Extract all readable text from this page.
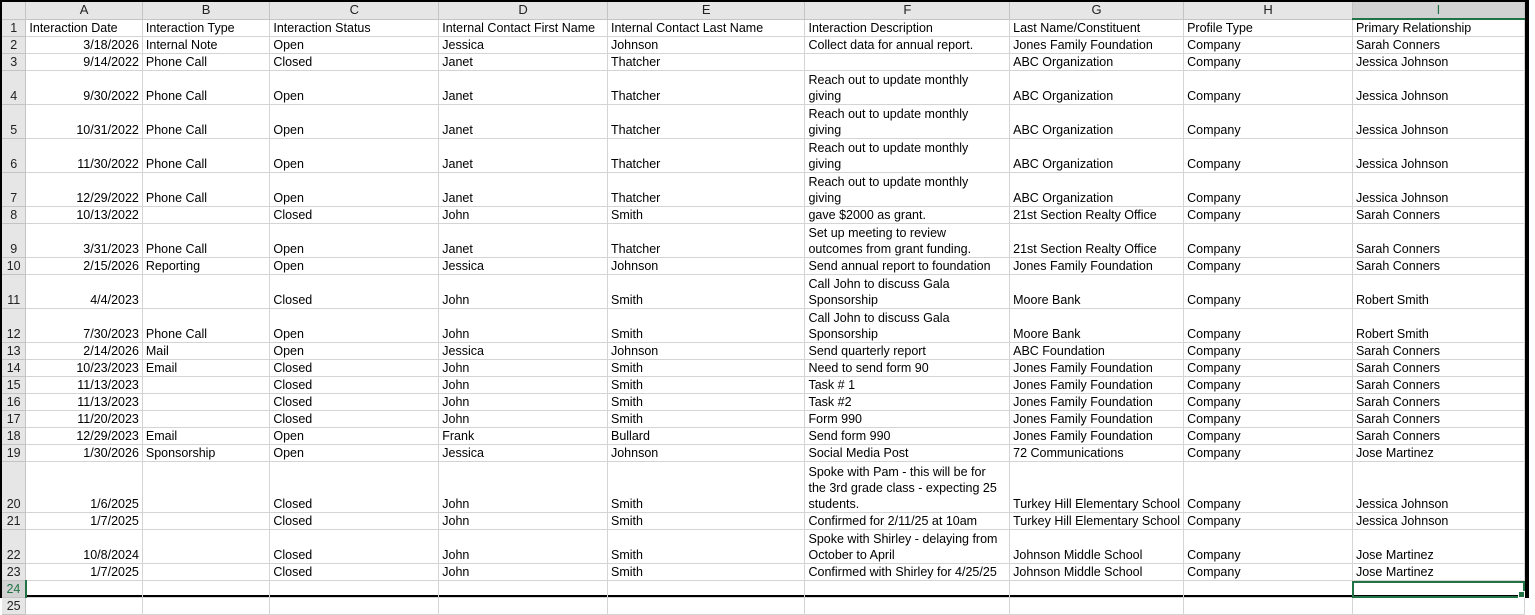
	A	B	C	D	E	F	G	H	I
1	Interaction Date	Interaction Type	Interaction Status	Internal Contact First Name	Internal Contact Last Name	Interaction Description	Last Name/Constituent	Profile Type	Primary Relationship
2	3/18/2026	Internal Note	Open	Jessica	Johnson	Collect data for annual report.	Jones Family Foundation	Company	Sarah Conners
3	9/14/2022	Phone Call	Closed	Janet	Thatcher		ABC Organization	Company	Jessica Johnson
4	9/30/2022	Phone Call	Open	Janet	Thatcher	Reach out to update monthly
giving	ABC Organization	Company	Jessica Johnson
5	10/31/2022	Phone Call	Open	Janet	Thatcher	Reach out to update monthly
giving	ABC Organization	Company	Jessica Johnson
6	11/30/2022	Phone Call	Open	Janet	Thatcher	Reach out to update monthly
giving	ABC Organization	Company	Jessica Johnson
7	12/29/2022	Phone Call	Open	Janet	Thatcher	Reach out to update monthly
giving	ABC Organization	Company	Jessica Johnson
8	10/13/2022		Closed	John	Smith	gave $2000 as grant.	21st Section Realty Office	Company	Sarah Conners
9	3/31/2023	Phone Call	Open	Janet	Thatcher	Set up meeting to review
outcomes from grant funding.	21st Section Realty Office	Company	Sarah Conners
10	2/15/2026	Reporting	Open	Jessica	Johnson	Send annual report to foundation	Jones Family Foundation	Company	Sarah Conners
11	4/4/2023		Closed	John	Smith	Call John to discuss Gala
Sponsorship	Moore Bank	Company	Robert Smith
12	7/30/2023	Phone Call	Open	John	Smith	Call John to discuss Gala
Sponsorship	Moore Bank	Company	Robert Smith
13	2/14/2026	Mail	Open	Jessica	Johnson	Send quarterly report	ABC Foundation	Company	Sarah Conners
14	10/23/2023	Email	Closed	John	Smith	Need to send form 90	Jones Family Foundation	Company	Sarah Conners
15	11/13/2023		Closed	John	Smith	Task # 1	Jones Family Foundation	Company	Sarah Conners
16	11/13/2023		Closed	John	Smith	Task #2	Jones Family Foundation	Company	Sarah Conners
17	11/20/2023		Closed	John	Smith	Form 990	Jones Family Foundation	Company	Sarah Conners
18	12/29/2023	Email	Open	Frank	Bullard	Send form 990	Jones Family Foundation	Company	Sarah Conners
19	1/30/2026	Sponsorship	Open	Jessica	Johnson	Social Media Post	72 Communications	Company	Jose Martinez
20	1/6/2025		Closed	John	Smith	Spoke with Pam - this will be for
the 3rd grade class - expecting 25
students.	Turkey Hill Elementary School	Company	Jessica Johnson
21	1/7/2025		Closed	John	Smith	Confirmed for 2/11/25 at 10am	Turkey Hill Elementary School	Company	Jessica Johnson
22	10/8/2024		Closed	John	Smith	Spoke with Shirley - delaying from
October to April	Johnson Middle School	Company	Jose Martinez
23	1/7/2025		Closed	John	Smith	Confirmed with Shirley for 4/25/25	Johnson Middle School	Company	Jose Martinez
24									
25									
